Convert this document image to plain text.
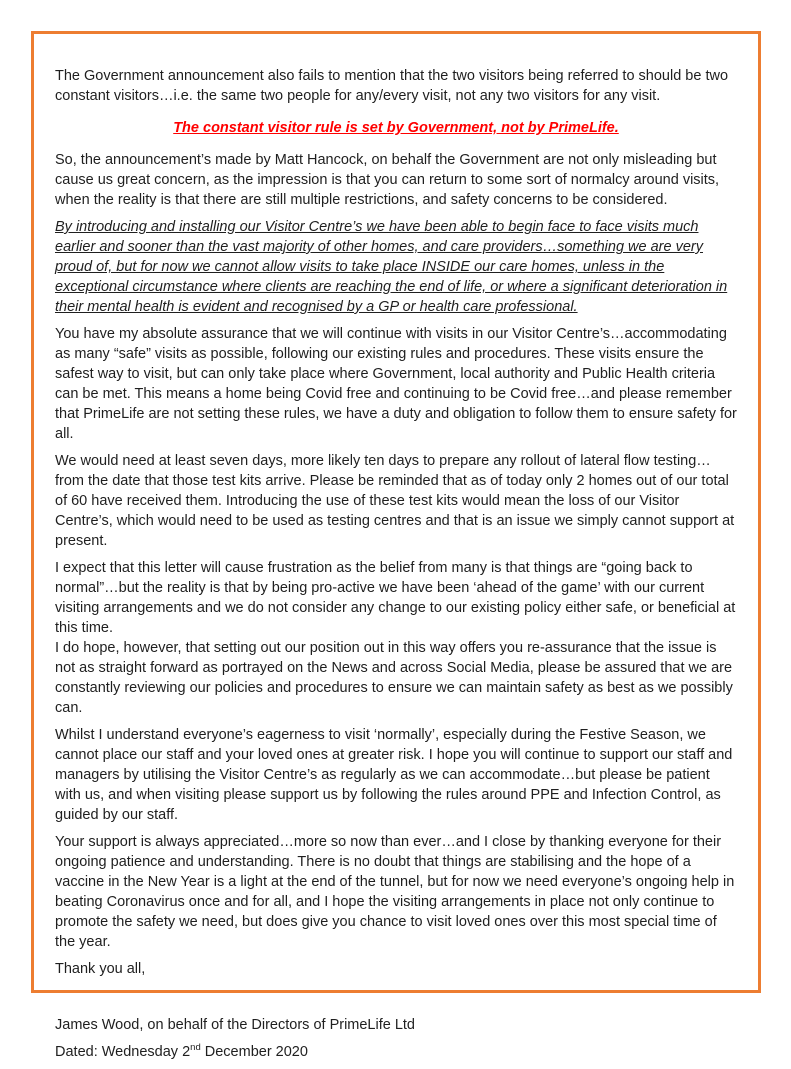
The Government announcement also fails to mention that the two visitors being referred to should be two constant visitors…i.e. the same two people for any/every visit, not any two visitors for any visit.

The constant visitor rule is set by Government, not by PrimeLife.

So, the announcement’s made by Matt Hancock, on behalf the Government are not only misleading but cause us great concern, as the impression is that you can return to some sort of normalcy around visits, when the reality is that there are still multiple restrictions, and safety concerns to be considered.

By introducing and installing our Visitor Centre’s we have been able to begin face to face visits much earlier and sooner than the vast majority of other homes, and care providers…something we are very proud of, but for now we cannot allow visits to take place INSIDE our care homes, unless in the exceptional circumstance where clients are reaching the end of life, or where a significant deterioration in their mental health is evident and recognised by a GP or health care professional.

You have my absolute assurance that we will continue with visits in our Visitor Centre’s…accommodating as many “safe” visits as possible, following our existing rules and procedures. These visits ensure the safest way to visit, but can only take place where Government, local authority and Public Health criteria can be met. This means a home being Covid free and continuing to be Covid free…and please remember that PrimeLife are not setting these rules, we have a duty and obligation to follow them to ensure safety for all.

We would need at least seven days, more likely ten days to prepare any rollout of lateral flow testing…from the date that those test kits arrive. Please be reminded that as of today only 2 homes out of our total of 60 have received them. Introducing the use of these test kits would mean the loss of our Visitor Centre’s, which would need to be used as testing centres and that is an issue we simply cannot support at present.

I expect that this letter will cause frustration as the belief from many is that things are “going back to normal”…but the reality is that by being pro-active we have been ‘ahead of the game’ with our current visiting arrangements and we do not consider any change to our existing policy either safe, or beneficial at this time.
I do hope, however, that setting out our position out in this way offers you re-assurance that the issue is not as straight forward as portrayed on the News and across Social Media, please be assured that we are constantly reviewing our policies and procedures to ensure we can maintain safety as best as we possibly can.

Whilst I understand everyone’s eagerness to visit ‘normally’, especially during the Festive Season, we cannot place our staff and your loved ones at greater risk. I hope you will continue to support our staff and managers by utilising the Visitor Centre’s as regularly as we can accommodate…but please be patient with us, and when visiting please support us by following the rules around PPE and Infection Control, as guided by our staff.

Your support is always appreciated…more so now than ever…and I close by thanking everyone for their ongoing patience and understanding. There is no doubt that things are stabilising and the hope of a vaccine in the New Year is a light at the end of the tunnel, but for now we need everyone’s ongoing help in beating Coronavirus once and for all, and I hope the visiting arrangements in place not only continue to promote the safety we need, but does give you chance to visit loved ones over this most special time of the year.

Thank you all,

James Wood, on behalf of the Directors of PrimeLife Ltd

Dated: Wednesday 2nd December 2020
